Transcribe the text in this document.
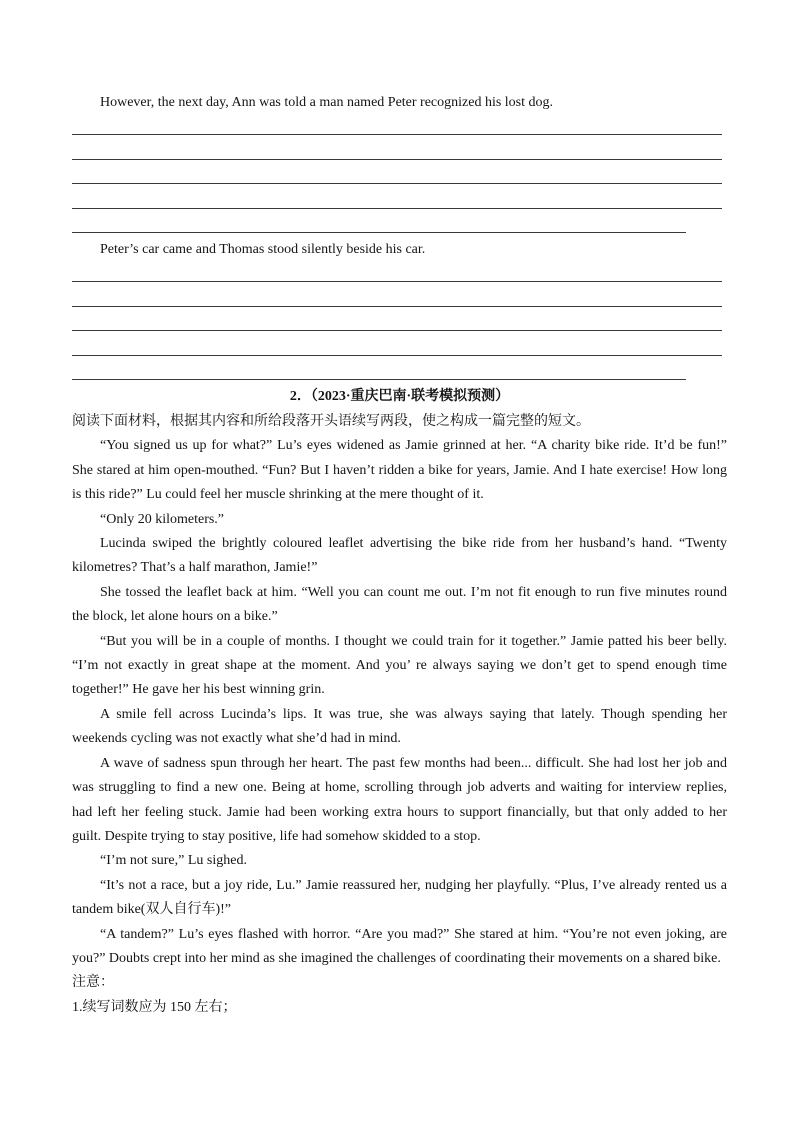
However, the next day, Ann was told a man named Peter recognized his lost dog.
Peter’s car came and Thomas stood silently beside his car.
2．（2023·重庆巴南·联考模拟预测）
阅读下面材料，根据其内容和所给段落开头语续写两段，使之构成一篇完整的短文。
“You signed us up for what?” Lu’s eyes widened as Jamie grinned at her. “A charity bike ride. It’d be fun!”
She stared at him open-mouthed. “Fun? But I haven’t ridden a bike for years, Jamie. And I hate exercise! How long
is this ride?” Lu could feel her muscle shrinking at the mere thought of it.
“Only 20 kilometers.”
Lucinda swiped the brightly coloured leaflet advertising the bike ride from her husband’s hand. “Twenty
kilometres? That’s a half marathon, Jamie!”
She tossed the leaflet back at him. “Well you can count me out. I’m not fit enough to run five minutes round
the block, let alone hours on a bike.”
“But you will be in a couple of months. I thought we could train for it together.” Jamie patted his beer belly.
“I’m not exactly in great shape at the moment. And you’ re always saying we don’t get to spend enough time
together!” He gave her his best winning grin.
A smile fell across Lucinda’s lips. It was true, she was always saying that lately. Though spending her
weekends cycling was not exactly what she’d had in mind.
A wave of sadness spun through her heart. The past few months had been... difficult. She had lost her job and
was struggling to find a new one. Being at home, scrolling through job adverts and waiting for interview replies,
had left her feeling stuck. Jamie had been working extra hours to support financially, but that only added to her
guilt. Despite trying to stay positive, life had somehow skidded to a stop.
“I’m not sure,” Lu sighed.
“It’s not a race, but a joy ride, Lu.” Jamie reassured her, nudging her playfully. “Plus, I’ve already rented us a
tandem bike(双人自行车)!”
“A tandem?” Lu’s eyes flashed with horror. “Are you mad?” She stared at him. “You’re not even joking, are
you?” Doubts crept into her mind as she imagined the challenges of coordinating their movements on a shared bike.
注意：
1.续写词数应为 150 左右；
